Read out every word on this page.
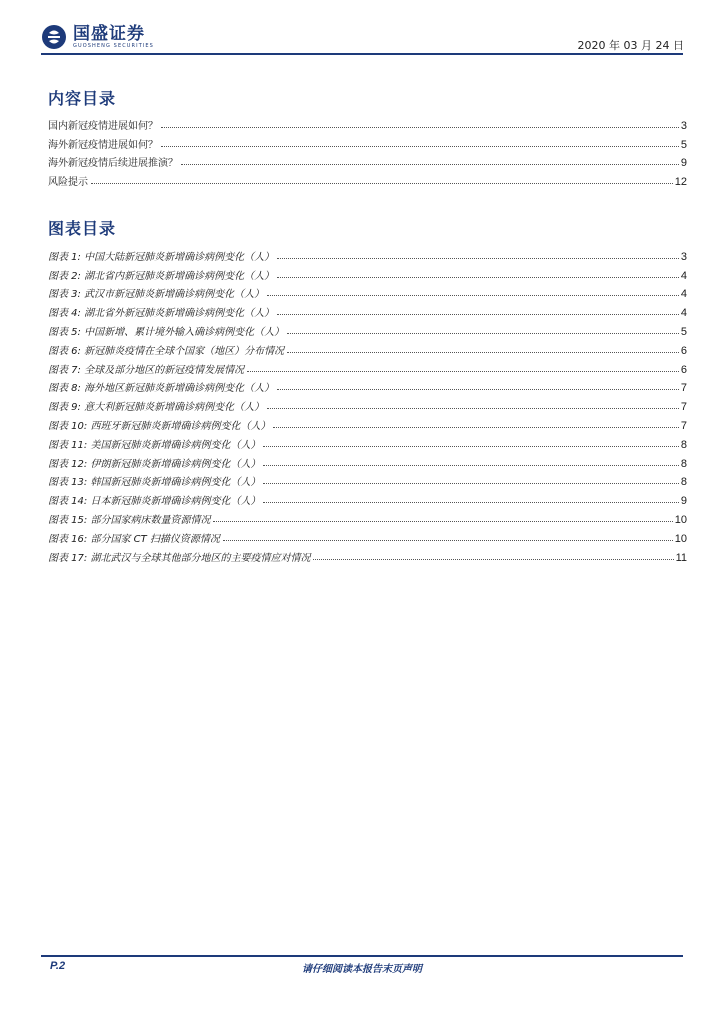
国盛证券
GUOSHENG SECURITIES	2020 年 03 月 24 日
内容目录
国内新冠疫情进展如何？	3
海外新冠疫情进展如何？	5
海外新冠疫情后续进展推演？	9
风险提示	12
图表目录
图表 1: 中国大陆新冠肺炎新增确诊病例变化（人）	3
图表 2: 湖北省内新冠肺炎新增确诊病例变化（人）	4
图表 3: 武汉市新冠肺炎新增确诊病例变化（人）	4
图表 4: 湖北省外新冠肺炎新增确诊病例变化（人）	4
图表 5: 中国新增、累计境外输入确诊病例变化（人）	5
图表 6: 新冠肺炎疫情在全球个国家（地区）分布情况	6
图表 7: 全球及部分地区的新冠疫情发展情况	6
图表 8: 海外地区新冠肺炎新增确诊病例变化（人）	7
图表 9: 意大利新冠肺炎新增确诊病例变化（人）	7
图表 10: 西班牙新冠肺炎新增确诊病例变化（人）	7
图表 11: 美国新冠肺炎新增确诊病例变化（人）	8
图表 12: 伊朗新冠肺炎新增确诊病例变化（人）	8
图表 13: 韩国新冠肺炎新增确诊病例变化（人）	8
图表 14: 日本新冠肺炎新增确诊病例变化（人）	9
图表 15: 部分国家病床数量资源情况	10
图表 16: 部分国家 CT 扫描仪资源情况	10
图表 17: 湖北武汉与全球其他部分地区的主要疫情应对情况	11
P.2	请仔细阅读本报告末页声明
